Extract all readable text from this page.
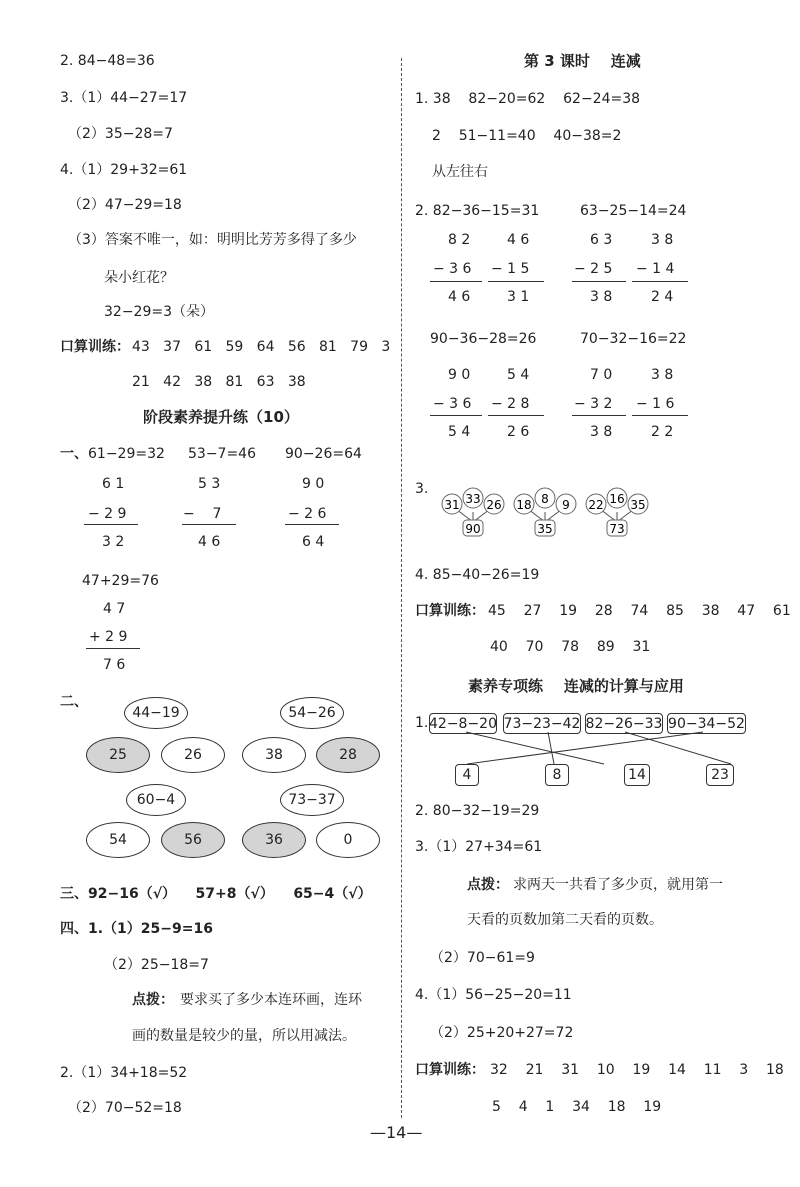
2. 84−48=36
3.（1）44−27=17
（2）35−28=7
4.（1）29+32=61
（2）47−29=18
（3）答案不唯一，如：明明比芳芳多得了多少
朵小红花？
32−29=3（朵）
口算训练： 43   37   61   59   64   56   81   79   3
21   42   38   81   63   38
阶段素养提升练（10）
一、 61−29=32 53−7=46 90−26=64
6 1
− 2 9
3 2
5 3
−    7
4 6
9 0
− 2 6
6 4
47+29=76
4 7
+ 2 9
7 6
二、
44−19	54−26
25	26	38	28
60−4	73−37
54	56	36	0
三、92−16（√）    57+8（√）    65−4（√）
四、1.（1）25−9=16
（2）25−18=7
点拨： 要求买了多少本连环画，连环
画的数量是较少的量，所以用减法。
2.（1）34+18=52
（2）70−52=18
第 3 课时    连减
1. 38    82−20=62    62−24=38
2    51−11=40    40−38=2
从左往右
2. 82−36−15=31	63−25−14=24
8 2
− 3 6
4 6
4 6
− 1 5
3 1
6 3
− 2 5
3 8
3 8
− 1 4
2 4
90−36−28=26	70−32−16=22
9 0
− 3 6
5 4
5 4
− 2 8
2 6
7 0
− 3 2
3 8
3 8
− 1 6
2 2
3.
31 33 26
90
18 8 9
35
22 16 35
73
4. 85−40−26=19
口算训练： 45    27    19    28    74    85    38    47    61
40    70    78    89    31
素养专项练    连减的计算与应用
1. 42−8−20 73−23−42 82−26−33 90−34−52
4	8	14	23
2. 80−32−19=29
3.（1）27+34=61
点拨： 求两天一共看了多少页，就用第一
天看的页数加第二天看的页数。
（2）70−61=9
4.（1）56−25−20=11
（2）25+20+27=72
口算训练： 32    21    31    10    19    14    11    3    18
5    4    1    34    18    19
—14—
